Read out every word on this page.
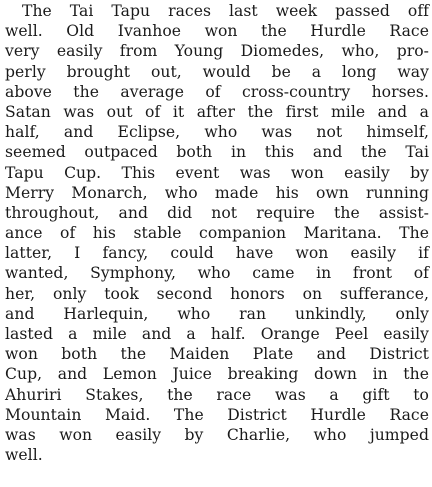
The Tai Tapu races last week passed off
well. Old Ivanhoe won the Hurdle Race
very easily from Young Diomedes, who, pro-
perly brought out, would be a long way
above the average of cross-country horses.
Satan was out of it after the first mile and a
half, and Eclipse, who was not himself,
seemed outpaced both in this and the Tai
Tapu Cup. This event was won easily by
Merry Monarch, who made his own running
throughout, and did not require the assist-
ance of his stable companion Maritana. The
latter, I fancy, could have won easily if
wanted, Symphony, who came in front of
her, only took second honors on sufferance,
and Harlequin, who ran unkindly, only
lasted a mile and a half. Orange Peel easily
won both the Maiden Plate and District
Cup, and Lemon Juice breaking down in the
Ahuriri Stakes, the race was a gift to
Mountain Maid. The District Hurdle Race
was won easily by Charlie, who jumped
well.
